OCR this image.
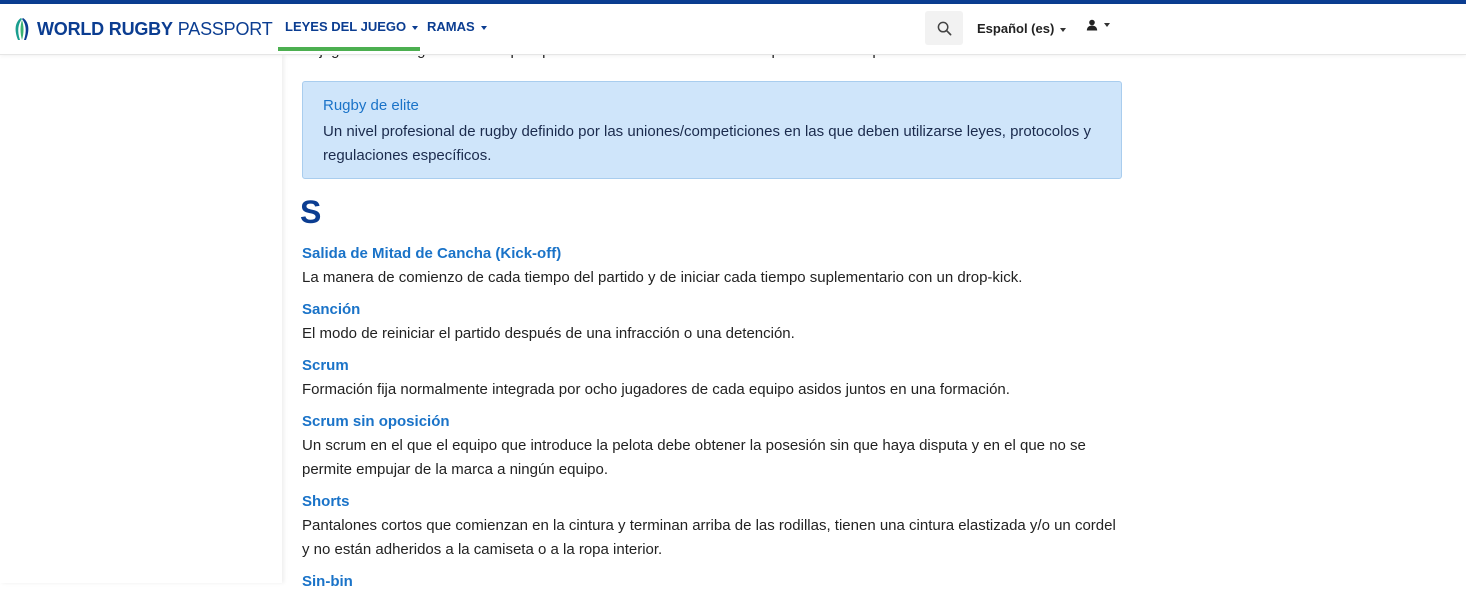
Rugby de elite
Un nivel profesional de rugby definido por las uniones/competiciones en las que deben utilizarse leyes, protocolos y regulaciones específicos.
S
Salida de Mitad de Cancha (Kick-off)
La manera de comienzo de cada tiempo del partido y de iniciar cada tiempo suplementario con un drop-kick.
Sanción
El modo de reiniciar el partido después de una infracción o una detención.
Scrum
Formación fija normalmente integrada por ocho jugadores de cada equipo asidos juntos en una formación.
Scrum sin oposición
Un scrum en el que el equipo que introduce la pelota debe obtener la posesión sin que haya disputa y en el que no se permite empujar de la marca a ningún equipo.
Shorts
Pantalones cortos que comienzan en la cintura y terminan arriba de las rodillas, tienen una cintura elastizada y/o un cordel y no están adheridos a la camiseta o a la ropa interior.
Sin-bin
WORLD RUGBY PASSPORT LEYES DEL JUEGO	RAMAS	Español (es)
